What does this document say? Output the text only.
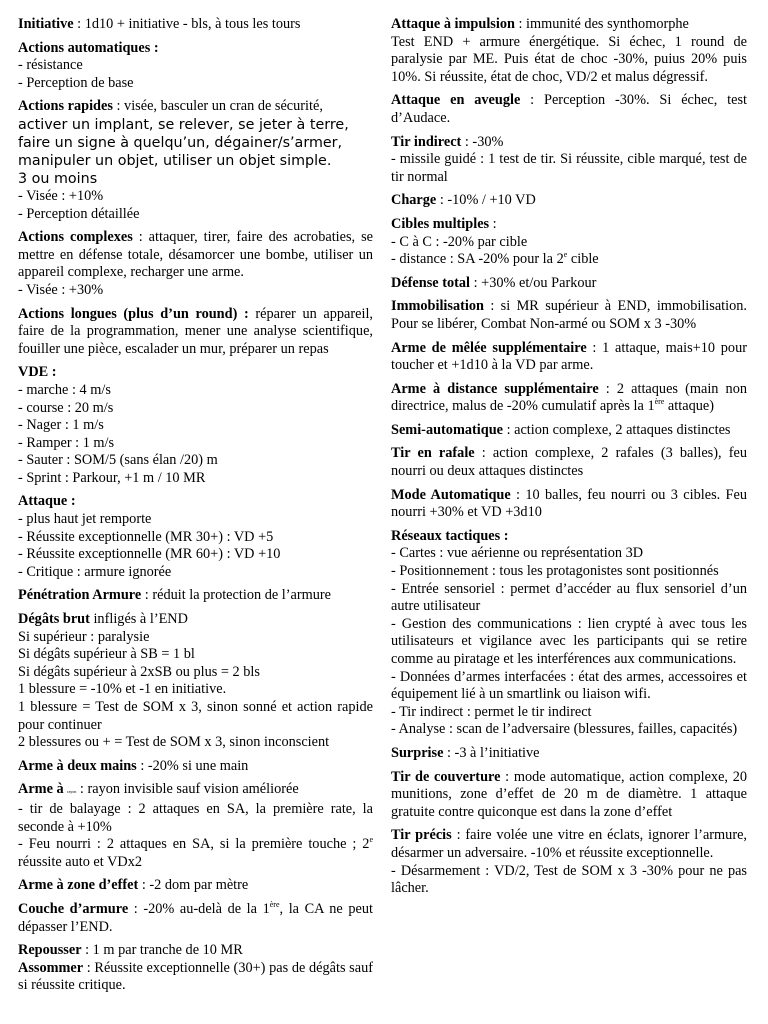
Initiative : 1d10 + initiative - bls, à tous les tours

Actions automatiques :
- résistance
- Perception de base

Actions rapides : visée, basculer un cran de sécurité,
activer un implant, se relever, se jeter à terre,
faire un signe à quelqu’un, dégainer/s’armer,
manipuler un objet, utiliser un objet simple.
3 ou moins
- Visée : +10%
- Perception détaillée

Actions complexes : attaquer, tirer, faire des acrobaties, se mettre en défense totale, désamorcer une bombe, utiliser un appareil complexe, recharger une arme.
- Visée : +30%

Actions longues (plus d’un round) : réparer un appareil, faire de la programmation, mener une analyse scientifique, fouiller une pièce, escalader un mur, préparer un repas

VDE :
- marche : 4 m/s
- course : 20 m/s
- Nager : 1 m/s
- Ramper : 1 m/s
- Sauter : SOM/5 (sans élan /20) m
- Sprint : Parkour, +1 m / 10 MR

Attaque :
- plus haut jet remporte
- Réussite exceptionnelle (MR 30+) : VD +5
- Réussite exceptionnelle (MR 60+) : VD +10
- Critique : armure ignorée

Pénétration Armure : réduit la protection de l’armure

Dégâts brut infligés à l’END
Si supérieur : paralysie
Si dégâts supérieur à SB = 1 bl
Si dégâts supérieur à 2xSB ou plus = 2 bls
1 blessure = -10% et -1 en initiative.
1 blessure = Test de SOM x 3, sinon sonné et action rapide pour continuer
2 blessures ou + = Test de SOM x 3, sinon inconscient

Arme à deux mains : -20% si une main

Arme à rayon : rayon invisible sauf vision améliorée
- tir de balayage : 2 attaques en SA, la première rate, la seconde à +10%
- Feu nourri : 2 attaques en SA, si la première touche ; 2e réussite auto et VDx2

Arme à zone d’effet : -2 dom par mètre

Couche d’armure : -20% au-delà de la 1ère, la CA ne peut dépasser l’END.

Repousser : 1 m par tranche de 10 MR

Assommer : Réussite exceptionnelle (30+) pas de dégâts sauf si réussite critique.

Attaque à impulsion : immunité des synthomorphe
Test END + armure énergétique. Si échec, 1 round de paralysie par ME. Puis état de choc -30%, puius 20% puis 10%. Si réussite, état de choc, VD/2 et malus dégressif.

Attaque en aveugle : Perception -30%. Si échec, test d’Audace.

Tir indirect : -30%
- missile guidé : 1 test de tir. Si réussite, cible marqué, test de tir normal

Charge : -10% / +10 VD

Cibles multiples :
- C à C : -20% par cible
- distance : SA -20% pour la 2e cible

Défense total : +30% et/ou Parkour

Immobilisation : si MR supérieur à END, immobilisation. Pour se libérer, Combat Non-armé ou SOM x 3 -30%

Arme de mêlée supplémentaire : 1 attaque, mais+10 pour toucher et +1d10 à la VD par arme.

Arme à distance supplémentaire : 2 attaques (main non directrice, malus de -20% cumulatif après la 1ère attaque)

Semi-automatique : action complexe, 2 attaques distinctes

Tir en rafale : action complexe, 2 rafales (3 balles), feu nourri ou deux attaques distinctes

Mode Automatique : 10 balles, feu nourri ou 3 cibles. Feu nourri +30% et VD +3d10

Réseaux tactiques :
- Cartes : vue aérienne ou représentation 3D
- Positionnement : tous les protagonistes sont positionnés
- Entrée sensoriel : permet d’accéder au flux sensoriel d’un autre utilisateur
- Gestion des communications : lien crypté à avec tous les utilisateurs et vigilance avec les participants qui se retire comme au piratage et les interférences aux communications.
- Données d’armes interfacées : état des armes, accessoires et équipement lié à un smartlink ou liaison wifi.
- Tir indirect : permet le tir indirect
- Analyse : scan de l’adversaire (blessures, failles, capacités)

Surprise : -3 à l’initiative

Tir de couverture : mode automatique, action complexe, 20 munitions, zone d’effet de 20 m de diamètre. 1 attaque gratuite contre quiconque est dans la zone d’effet

Tir précis : faire volée une vitre en éclats, ignorer l’armure, désarmer un adversaire. -10% et réussite exceptionnelle.
- Désarmement : VD/2, Test de SOM x 3 -30% pour ne pas lâcher.
